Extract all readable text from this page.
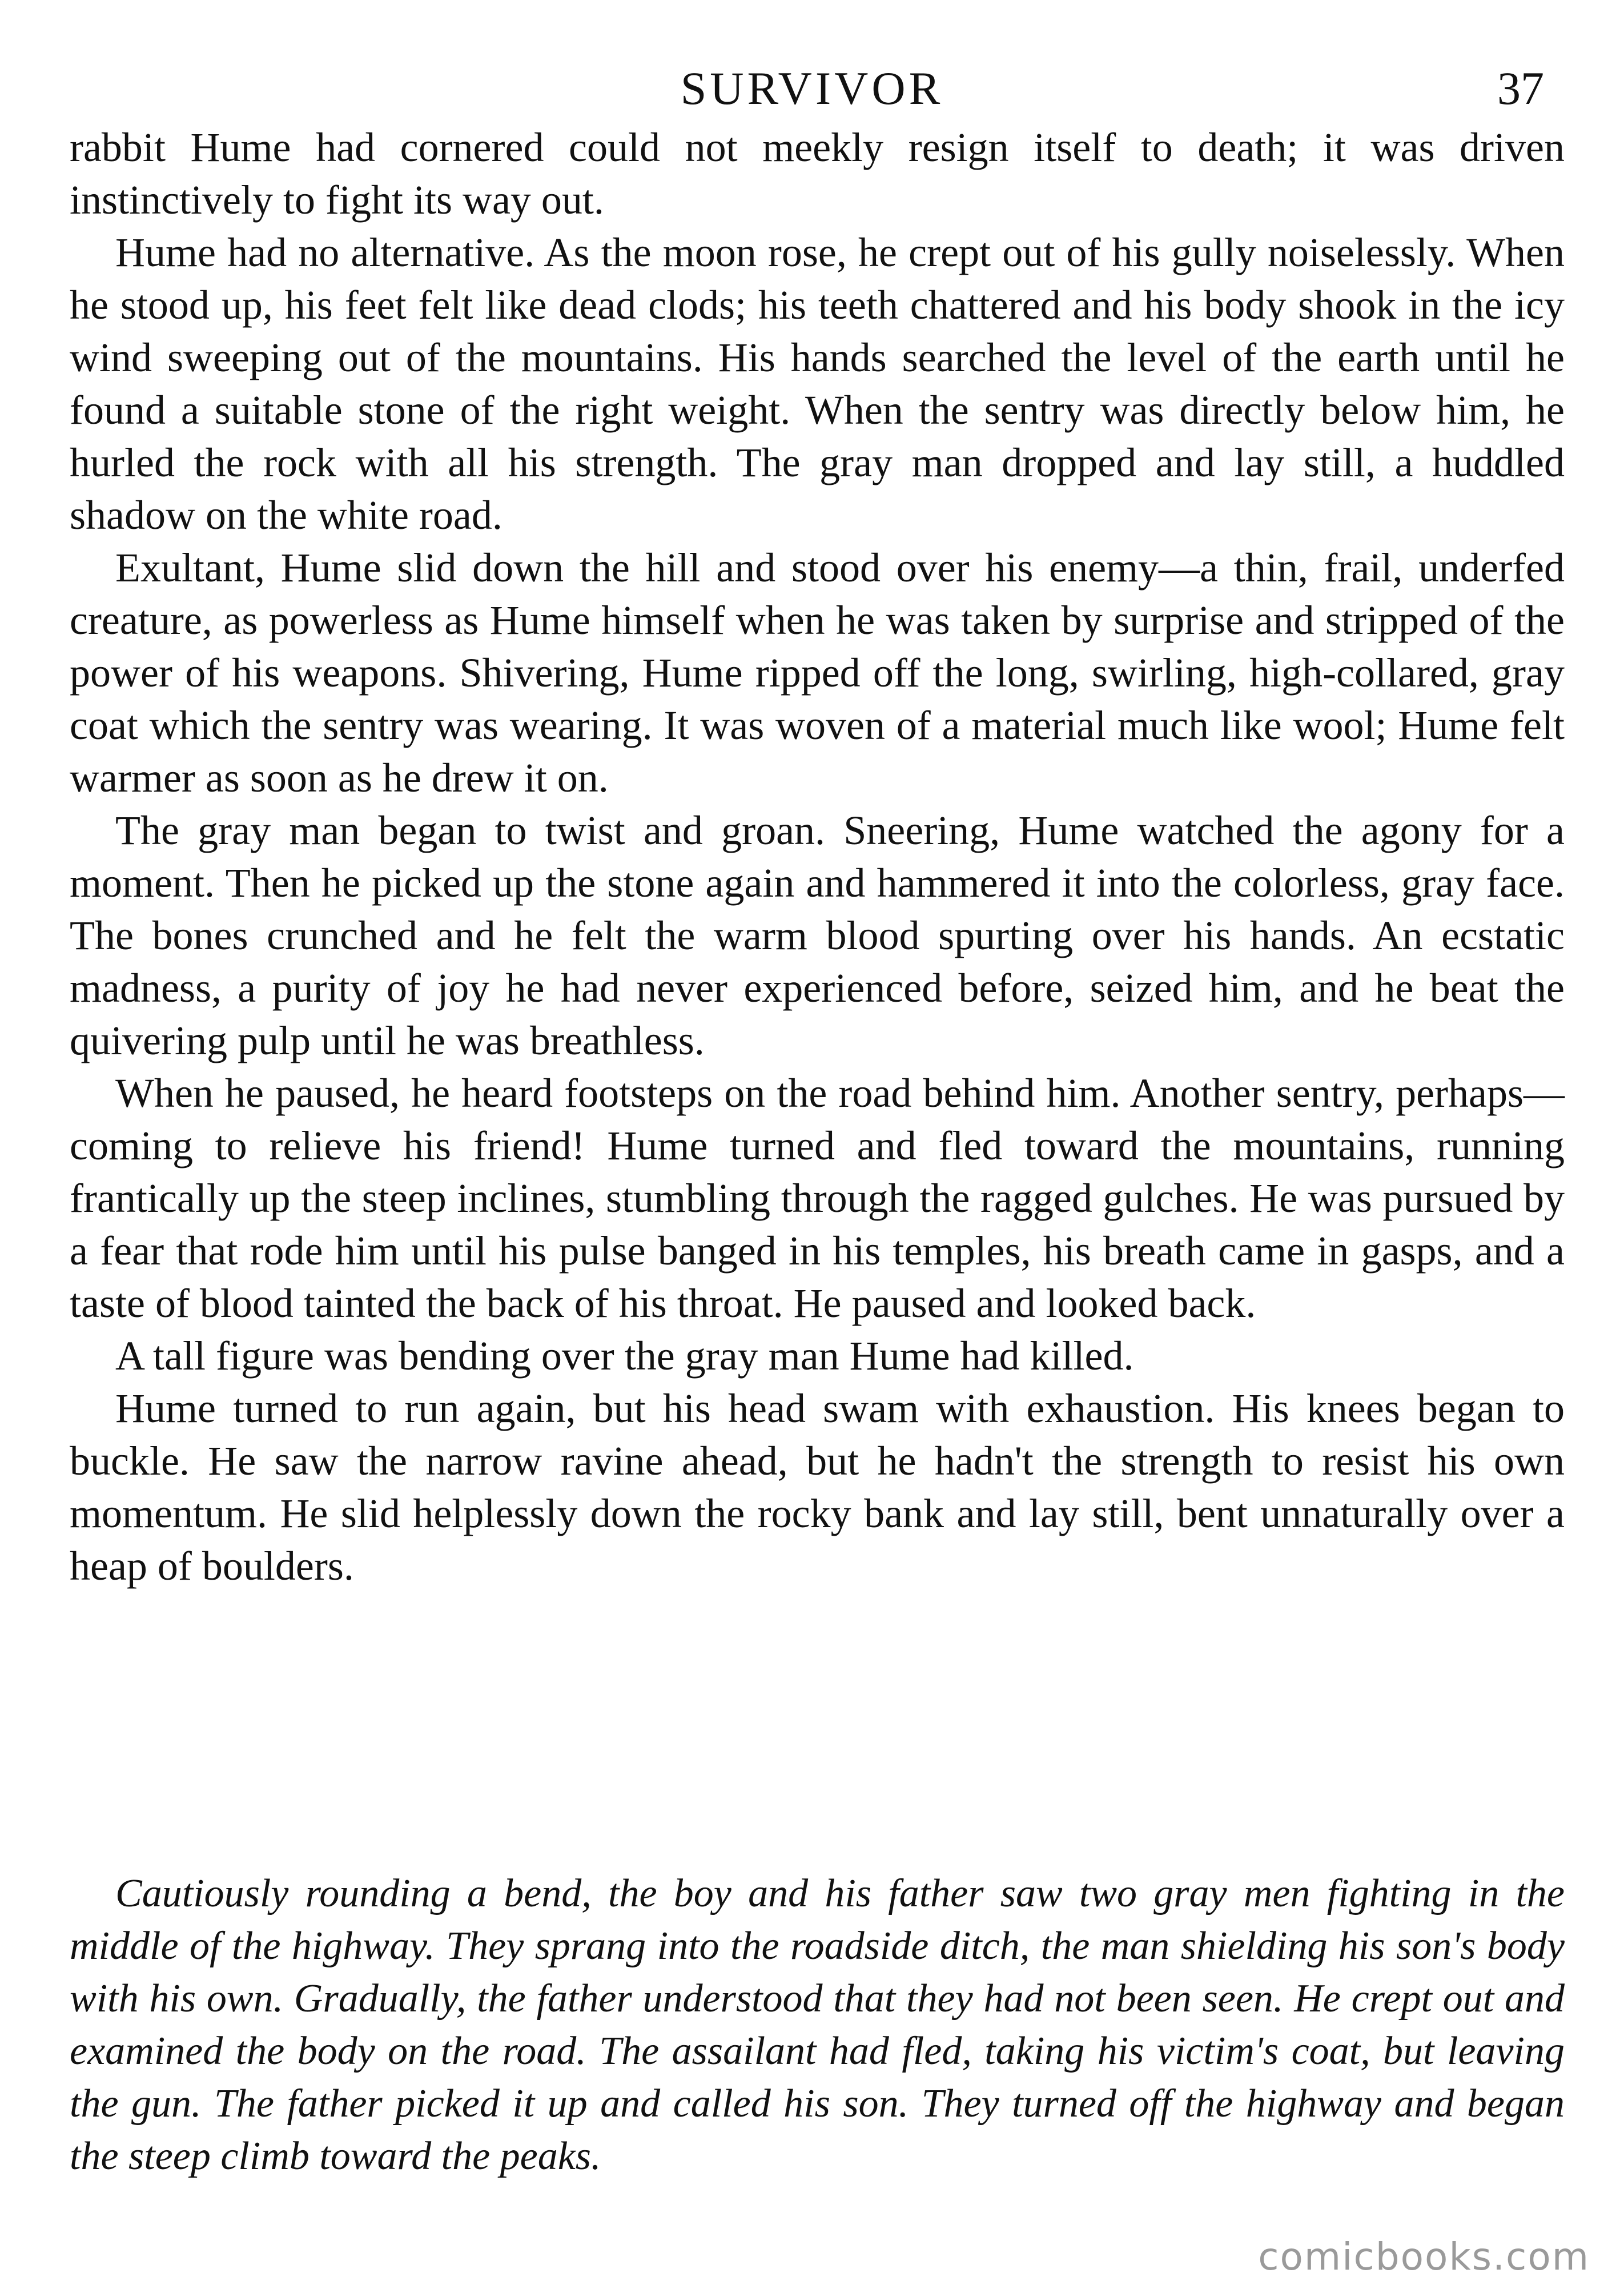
SURVIVOR	37

rabbit Hume had cornered could not meekly resign itself to death; it was driven instinctively to fight its way out.

Hume had no alternative. As the moon rose, he crept out of his gully noiselessly. When he stood up, his feet felt like dead clods; his teeth chattered and his body shook in the icy wind sweeping out of the mountains. His hands searched the level of the earth until he found a suitable stone of the right weight. When the sentry was directly below him, he hurled the rock with all his strength. The gray man dropped and lay still, a huddled shadow on the white road.

Exultant, Hume slid down the hill and stood over his enemy—a thin, frail, underfed creature, as powerless as Hume himself when he was taken by surprise and stripped of the power of his weapons. Shivering, Hume ripped off the long, swirling, high-collared, gray coat which the sentry was wearing. It was woven of a material much like wool; Hume felt warmer as soon as he drew it on.

The gray man began to twist and groan. Sneering, Hume watched the agony for a moment. Then he picked up the stone again and hammered it into the colorless, gray face. The bones crunched and he felt the warm blood spurting over his hands. An ecstatic madness, a purity of joy he had never experienced before, seized him, and he beat the quivering pulp until he was breathless.

When he paused, he heard footsteps on the road behind him. Another sentry, perhaps—coming to relieve his friend! Hume turned and fled toward the mountains, running frantically up the steep inclines, stumbling through the ragged gulches. He was pursued by a fear that rode him until his pulse banged in his temples, his breath came in gasps, and a taste of blood tainted the back of his throat. He paused and looked back.

A tall figure was bending over the gray man Hume had killed.

Hume turned to run again, but his head swam with exhaustion. His knees began to buckle. He saw the narrow ravine ahead, but he hadn't the strength to resist his own momentum. He slid helplessly down the rocky bank and lay still, bent unnaturally over a heap of boulders.

Cautiously rounding a bend, the boy and his father saw two gray men fighting in the middle of the highway. They sprang into the roadside ditch, the man shielding his son's body with his own. Gradually, the father understood that they had not been seen. He crept out and examined the body on the road. The assailant had fled, taking his victim's coat, but leaving the gun. The father picked it up and called his son. They turned off the highway and began the steep climb toward the peaks.

comicbooks.com
